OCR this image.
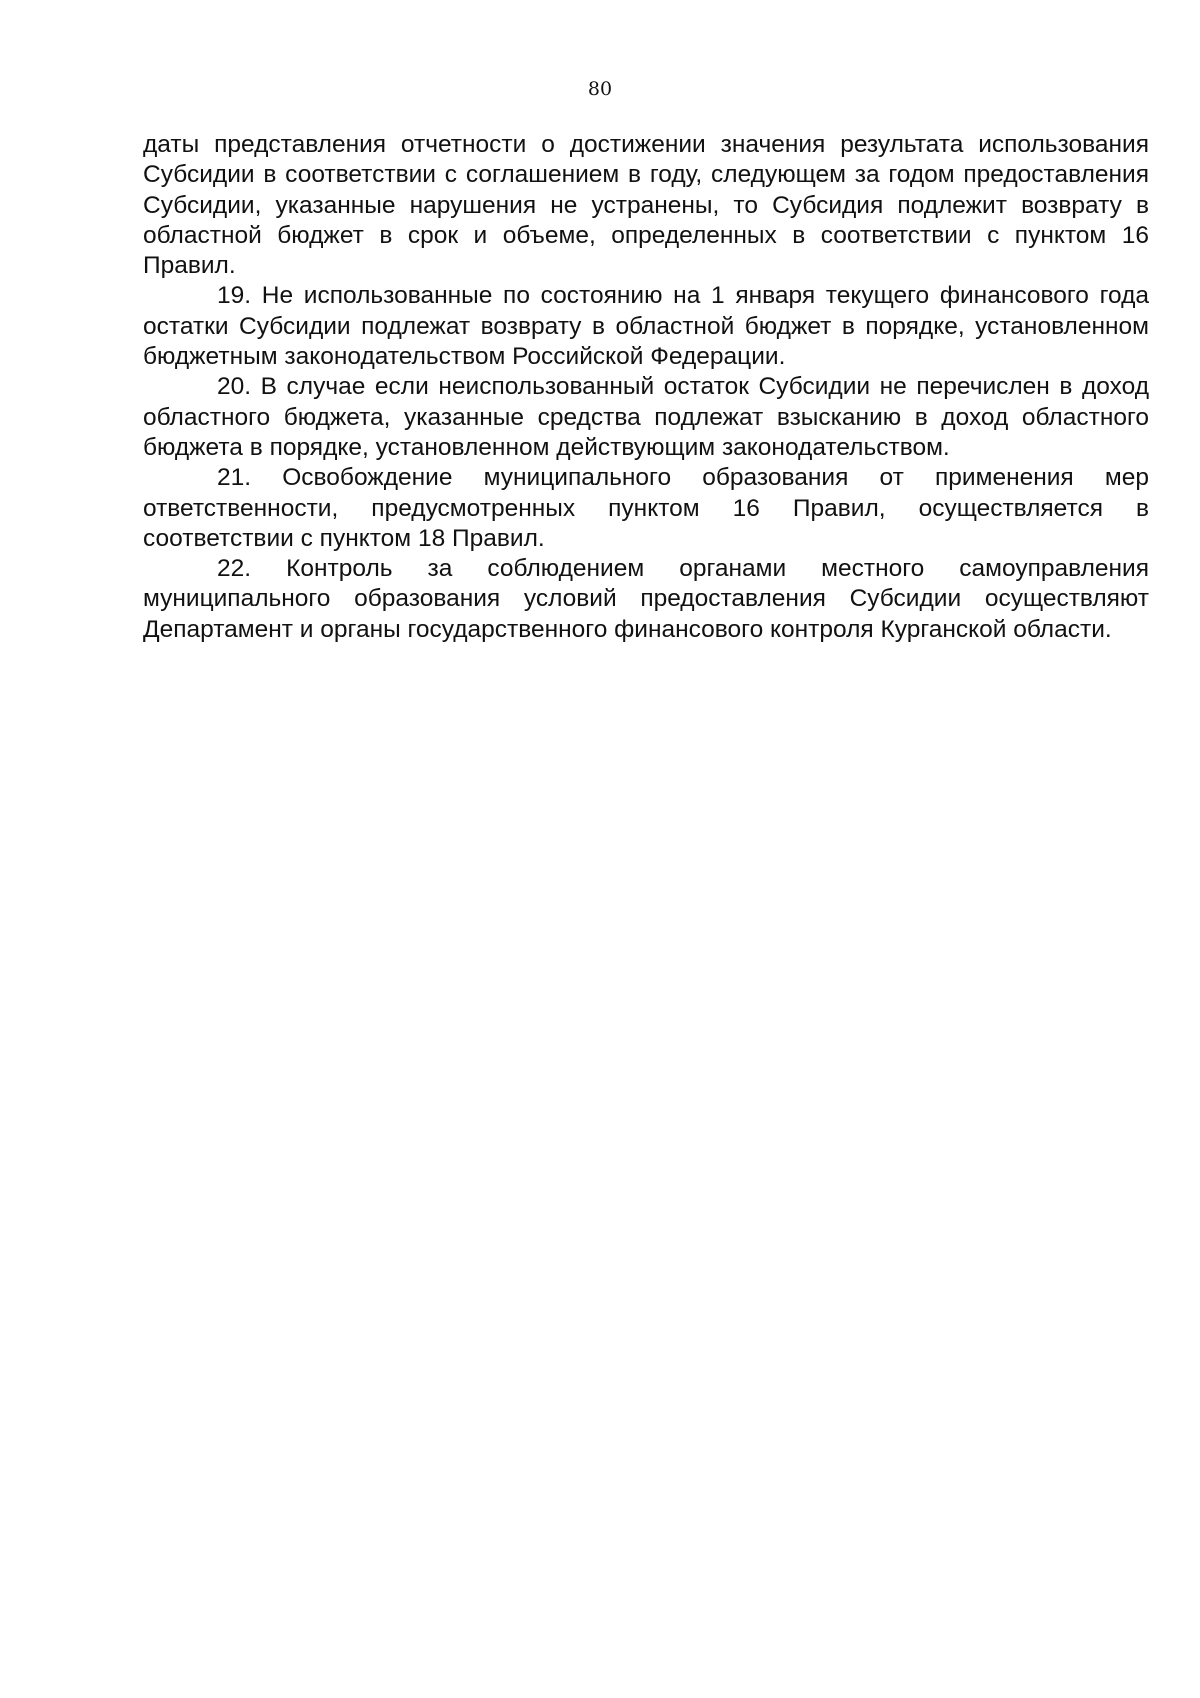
80

даты представления отчетности о достижении значения результата использования Субсидии в соответствии с соглашением в году, следующем за годом предоставления Субсидии, указанные нарушения не устранены, то Субсидия подлежит возврату в областной бюджет в срок и объеме, определенных в соответствии с пунктом 16 Правил.

19. Не использованные по состоянию на 1 января текущего финансового года остатки Субсидии подлежат возврату в областной бюджет в порядке, установленном бюджетным законодательством Российской Федерации.

20. В случае если неиспользованный остаток Субсидии не перечислен в доход областного бюджета, указанные средства подлежат взысканию в доход областного бюджета в порядке, установленном действующим законодательством.

21. Освобождение муниципального образования от применения мер ответственности, предусмотренных пунктом 16 Правил, осуществляется в соответствии с пунктом 18 Правил.

22. Контроль за соблюдением органами местного самоуправления муниципального образования условий предоставления Субсидии осуществляют Департамент и органы государственного финансового контроля Курганской области.
